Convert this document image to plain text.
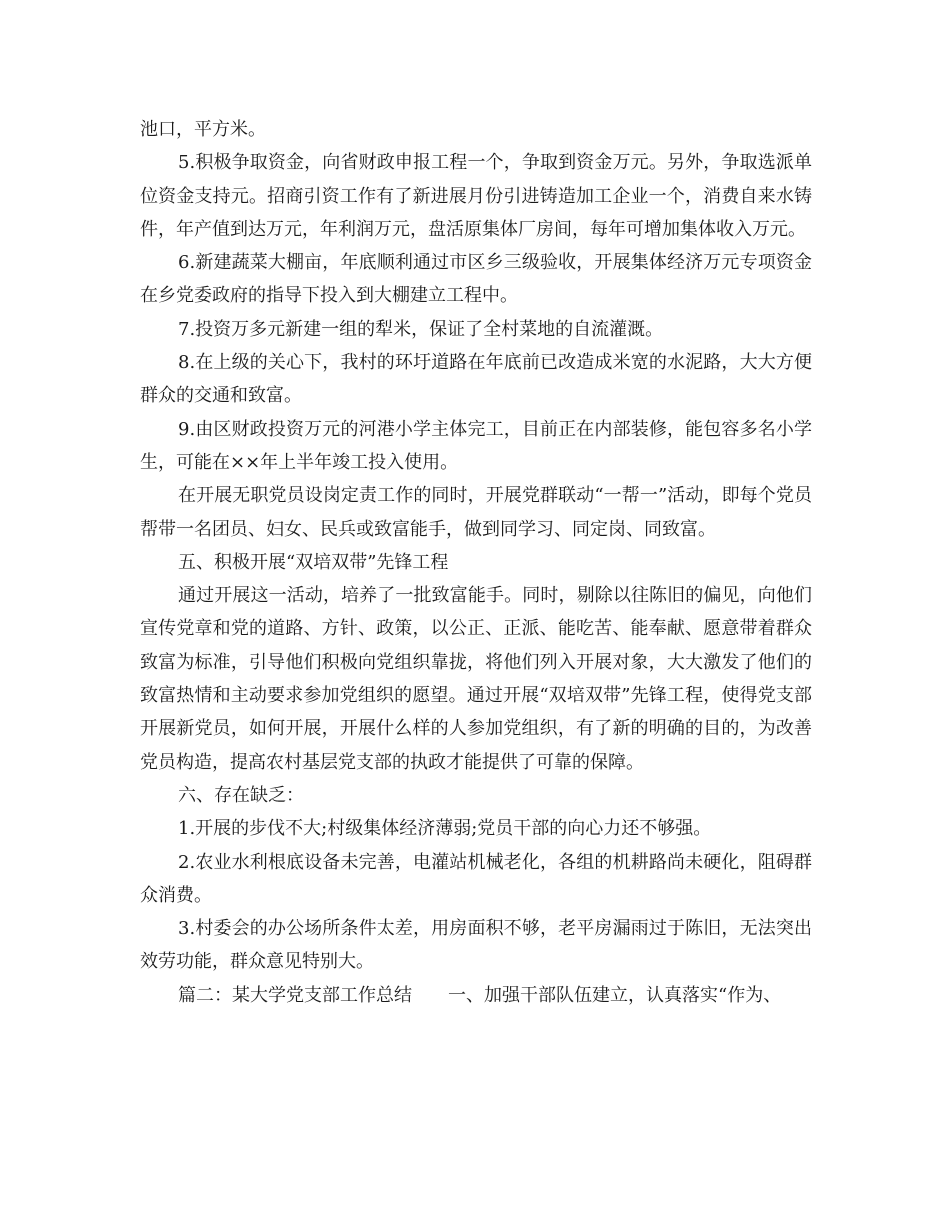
池口，平方米。

5.积极争取资金，向省财政申报工程一个，争取到资金万元。另外，争取选派单位资金支持元。招商引资工作有了新进展月份引进铸造加工企业一个，消费自来水铸件，年产值到达万元，年利润万元，盘活原集体厂房间，每年可增加集体收入万元。

6.新建蔬菜大棚亩，年底顺利通过市区乡三级验收，开展集体经济万元专项资金在乡党委政府的指导下投入到大棚建立工程中。

7.投资万多元新建一组的犁米，保证了全村菜地的自流灌溉。

8.在上级的关心下，我村的环圩道路在年底前已改造成米宽的水泥路，大大方便群众的交通和致富。

9.由区财政投资万元的河港小学主体完工，目前正在内部装修，能包容多名小学生，可能在××年上半年竣工投入使用。

在开展无职党员设岗定责工作的同时，开展党群联动“一帮一”活动，即每个党员帮带一名团员、妇女、民兵或致富能手，做到同学习、同定岗、同致富。

五、积极开展“双培双带”先锋工程

通过开展这一活动，培养了一批致富能手。同时，剔除以往陈旧的偏见，向他们宣传党章和党的道路、方针、政策，以公正、正派、能吃苦、能奉献、愿意带着群众致富为标准，引导他们积极向党组织靠拢，将他们列入开展对象，大大激发了他们的致富热情和主动要求参加党组织的愿望。通过开展“双培双带”先锋工程，使得党支部开展新党员，如何开展，开展什么样的人参加党组织，有了新的明确的目的，为改善党员构造，提高农村基层党支部的执政才能提供了可靠的保障。

六、存在缺乏：

1.开展的步伐不大;村级集体经济薄弱;党员干部的向心力还不够强。

2.农业水利根底设备未完善，电灌站机械老化，各组的机耕路尚未硬化，阻碍群众消费。

3.村委会的办公场所条件太差，用房面积不够，老平房漏雨过于陈旧，无法突出效劳功能，群众意见特别大。

篇二：某大学党支部工作总结　　一、加强干部队伍建立，认真落实“作为、
